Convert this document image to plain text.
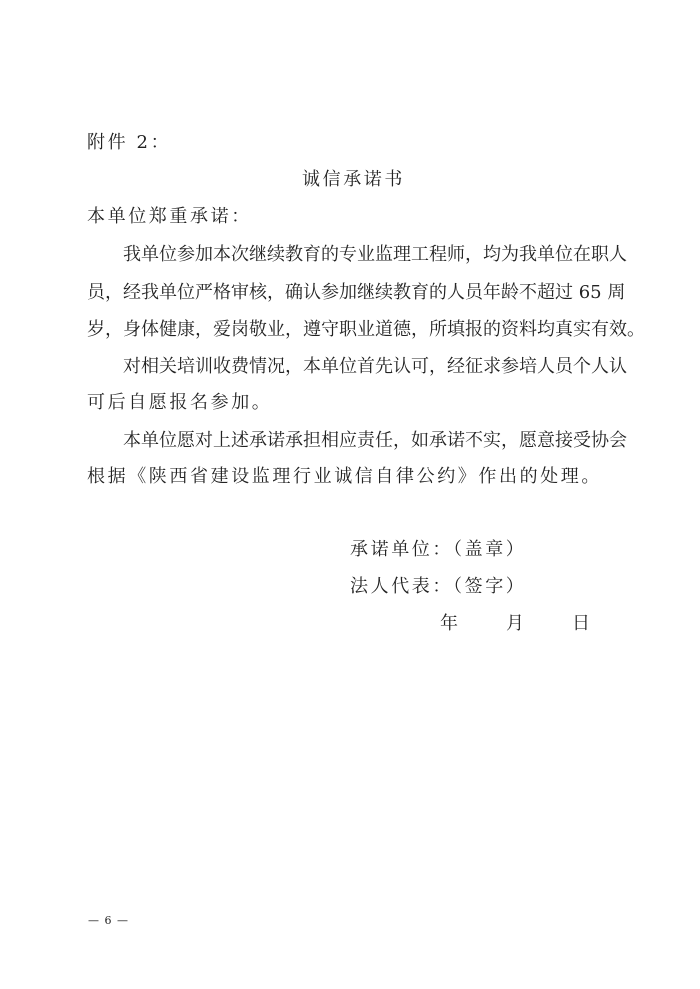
附件 2：
诚信承诺书
本单位郑重承诺：
我单位参加本次继续教育的专业监理工程师，均为我单位在职人
员，经我单位严格审核，确认参加继续教育的人员年龄不超过 65 周
岁，身体健康，爱岗敬业，遵守职业道德，所填报的资料均真实有效。
对相关培训收费情况，本单位首先认可，经征求参培人员个人认
可后自愿报名参加。
本单位愿对上述承诺承担相应责任，如承诺不实，愿意接受协会
根据《陕西省建设监理行业诚信自律公约》作出的处理。
承诺单位：（盖章）
法人代表：（签字）
年　　月　　日
— 6 —
